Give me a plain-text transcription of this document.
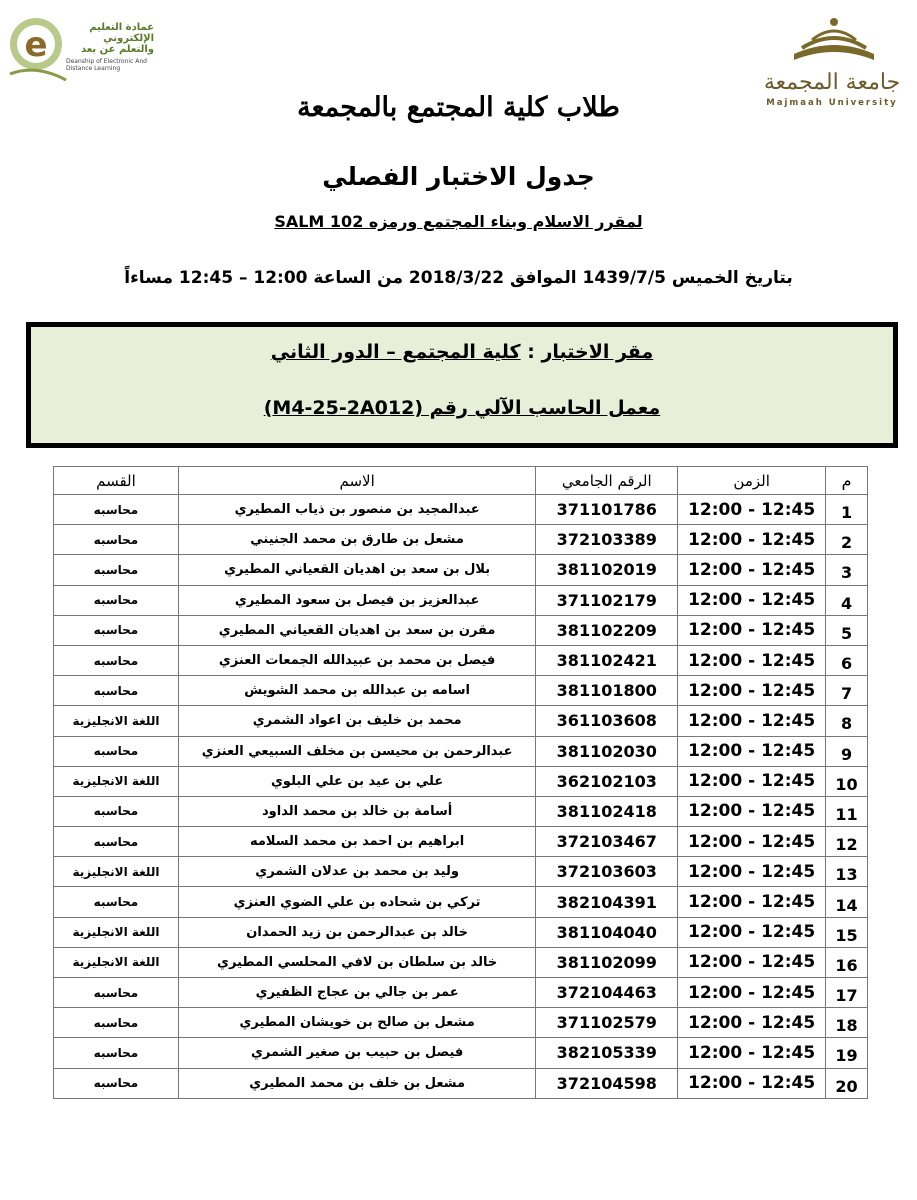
e	عمادة التعليم الإلكتروني والتعلم عن بعد
Deanship of Electronic And Distance Learning
جامعة المجمعة
Majmaah University
طلاب كلية المجتمع بالمجمعة
جدول الاختبار الفصلي
لمقرر الاسلام وبناء المجتمع ورمزه SALM 102
بتاريخ الخميس 1439/7/5 الموافق 2018/3/22 من الساعة 12:00 – 12:45 مساءاً
مقر الاختبار : كلية المجتمع – الدور الثاني
معمل الحاسب الآلي رقم (M4-25-2A012)
م	الزمن	الرقم الجامعي	الاسم	القسم
1	12:00 - 12:45	371101786	عبدالمجيد بن منصور بن ذياب المطيري	محاسبه
2	12:00 - 12:45	372103389	مشعل بن طارق بن محمد الجنيني	محاسبه
3	12:00 - 12:45	381102019	بلال بن سعد بن اهديان القعياني المطيري	محاسبه
4	12:00 - 12:45	371102179	عبدالعزيز بن فيصل بن سعود المطيري	محاسبه
5	12:00 - 12:45	381102209	مقرن بن سعد بن اهديان القعياني المطيري	محاسبه
6	12:00 - 12:45	381102421	فيصل بن محمد بن عبيدالله الجمعات العنزي	محاسبه
7	12:00 - 12:45	381101800	اسامه بن عبدالله بن محمد الشويش	محاسبه
8	12:00 - 12:45	361103608	محمد بن خليف بن اعواد الشمري	اللغة الانجليزية
9	12:00 - 12:45	381102030	عبدالرحمن بن محيسن بن مخلف السبيعي العنزي	محاسبه
10	12:00 - 12:45	362102103	علي بن عيد بن علي البلوي	اللغة الانجليزية
11	12:00 - 12:45	381102418	أسامة بن خالد بن محمد الداود	محاسبه
12	12:00 - 12:45	372103467	ابراهيم بن احمد بن محمد السلامه	محاسبه
13	12:00 - 12:45	372103603	وليد بن محمد بن عدلان الشمري	اللغة الانجليزية
14	12:00 - 12:45	382104391	تركي بن شحاده بن علي الضوي العنزي	محاسبه
15	12:00 - 12:45	381104040	خالد بن عبدالرحمن بن زيد الحمدان	اللغة الانجليزية
16	12:00 - 12:45	381102099	خالد بن سلطان بن لافي المحلسي المطيري	اللغة الانجليزية
17	12:00 - 12:45	372104463	عمر بن جالي بن عجاج الظفيري	محاسبه
18	12:00 - 12:45	371102579	مشعل بن صالح بن خويشان المطيري	محاسبه
19	12:00 - 12:45	382105339	فيصل بن حبيب بن صغير الشمري	محاسبه
20	12:00 - 12:45	372104598	مشعل بن خلف بن محمد المطيري	محاسبه
